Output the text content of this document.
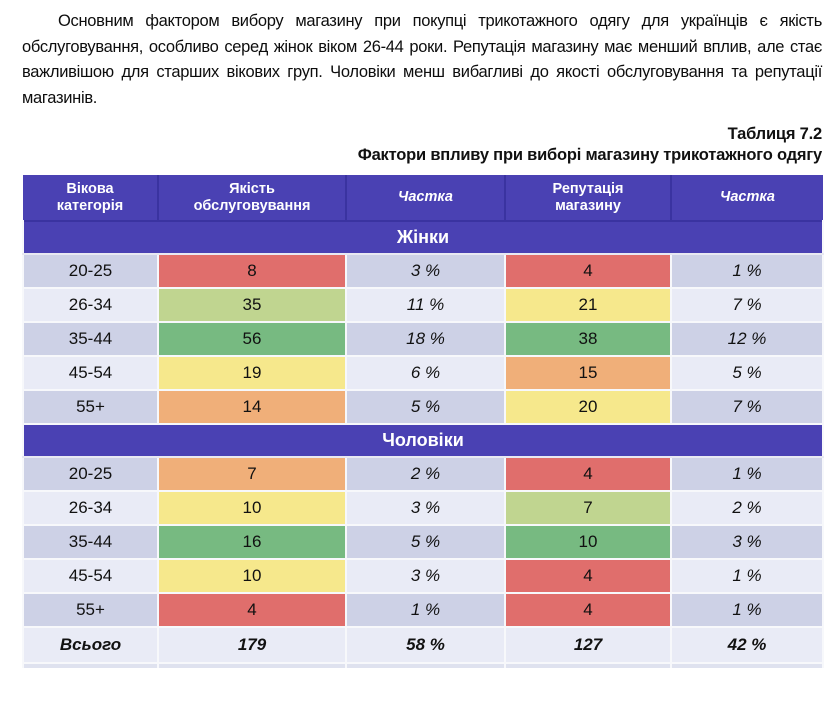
Основним фактором вибору магазину при покупці трикотажного одягу для українців є якість обслуговування, особливо серед жінок віком 26-44 роки. Репутація магазину має менший вплив, але стає важливішою для старших вікових груп. Чоловіки менш вибагливі до якості обслуговування та репутації магазинів.

Таблиця 7.2
Фактори впливу при виборі магазину трикотажного одягу
Вікова категорія	Якість обслуговування	Частка	Репутація магазину	Частка
Жінки				
20-25	8	3 %	4	1 %
26-34	35	11 %	21	7 %
35-44	56	18 %	38	12 %
45-54	19	6 %	15	5 %
55+	14	5 %	20	7 %
Чоловіки				
20-25	7	2 %	4	1 %
26-34	10	3 %	7	2 %
35-44	16	5 %	10	3 %
45-54	10	3 %	4	1 %
55+	4	1 %	4	1 %
Всього	179	58 %	127	42 %
